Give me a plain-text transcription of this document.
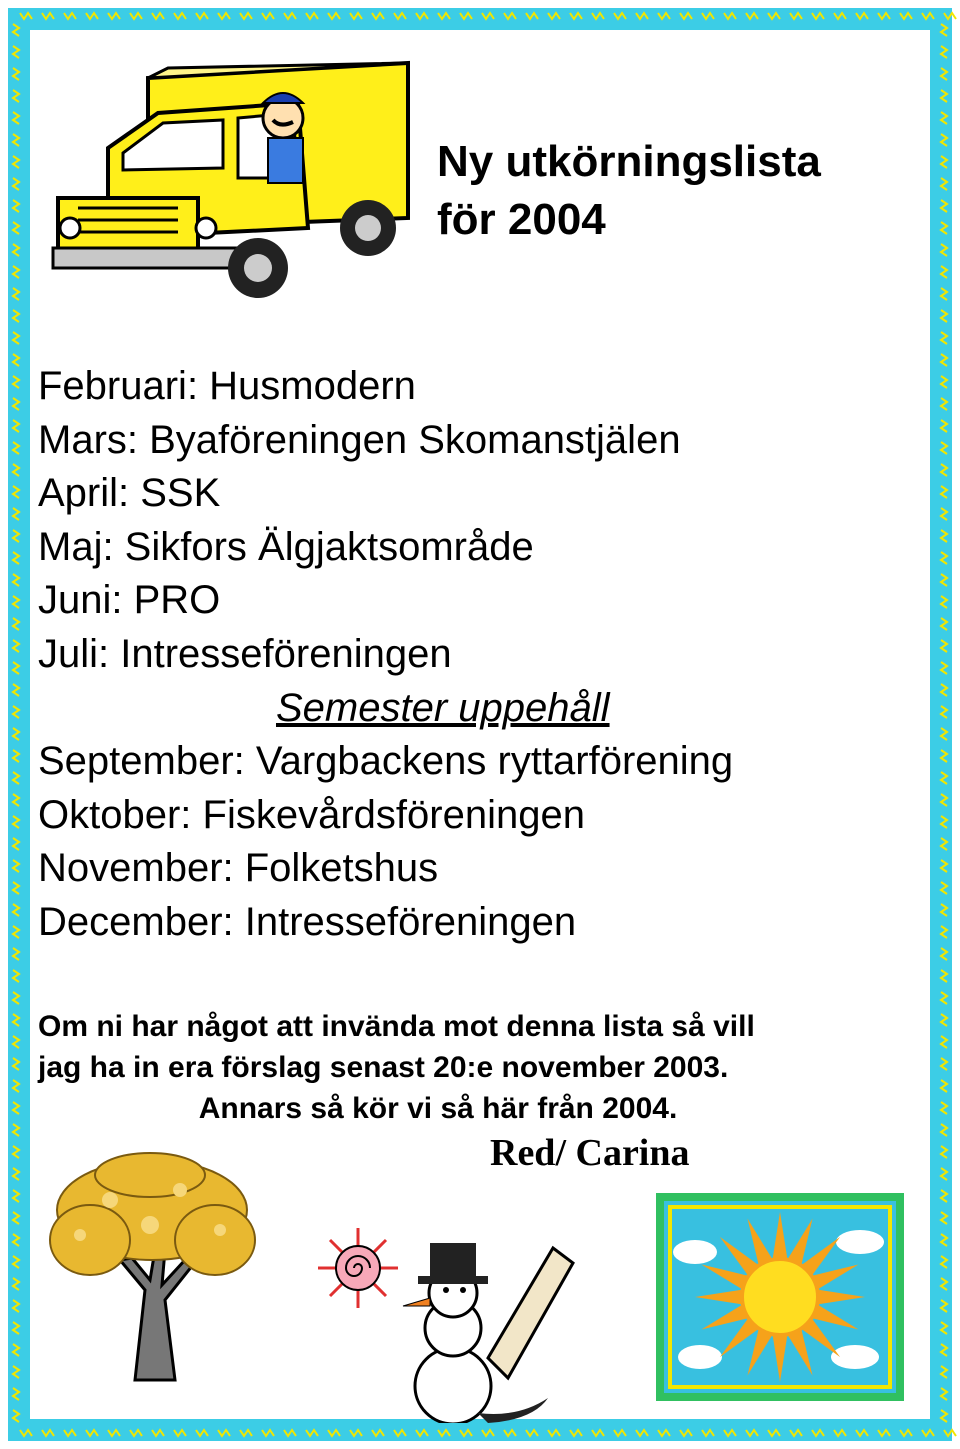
Ny utkörningslista
för 2004
Februari: Husmodern
Mars: Byaföreningen Skomanstjälen
April: SSK
Maj: Sikfors Älgjaktsområde
Juni: PRO
Juli: Intresseföreningen
Semester uppehåll
September: Vargbackens ryttarförening
Oktober: Fiskevårdsföreningen
November: Folketshus
December: Intresseföreningen
Om ni har något att invända mot denna lista så vill
jag ha in era förslag senast 20:e november 2003.
Annars så kör vi så här från 2004.
Red/ Carina
